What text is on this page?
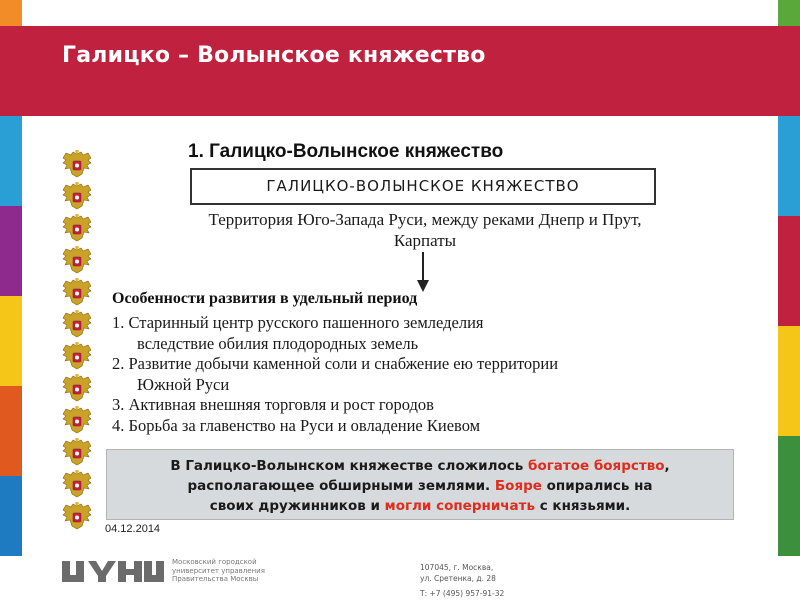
Галицко – Волынское княжество
1. Галицко-Волынское княжество
ГАЛИЦКО-ВОЛЫНСКОЕ КНЯЖЕСТВО
Территория Юго-Запада Руси, между реками Днепр и Прут,
Карпаты
Особенности развития в удельный период
1. Старинный центр русского пашенного земледелия
вследствие обилия плодородных земель
2. Развитие добычи каменной соли и снабжение ею территории
Южной Руси
3. Активная внешняя торговля и рост городов
4. Борьба за главенство на Руси и овладение Киевом
В Галицко-Волынском княжестве сложилось богатое боярство,
располагающее обширными землями. Бояре опирались на
своих дружинников и могли соперничать с князьями.
04.12.2014
Московский городской
университет управления
Правительства Москвы
107045, г. Москва,
ул. Сретенка, д. 28
Т: +7 (495) 957-91-32
